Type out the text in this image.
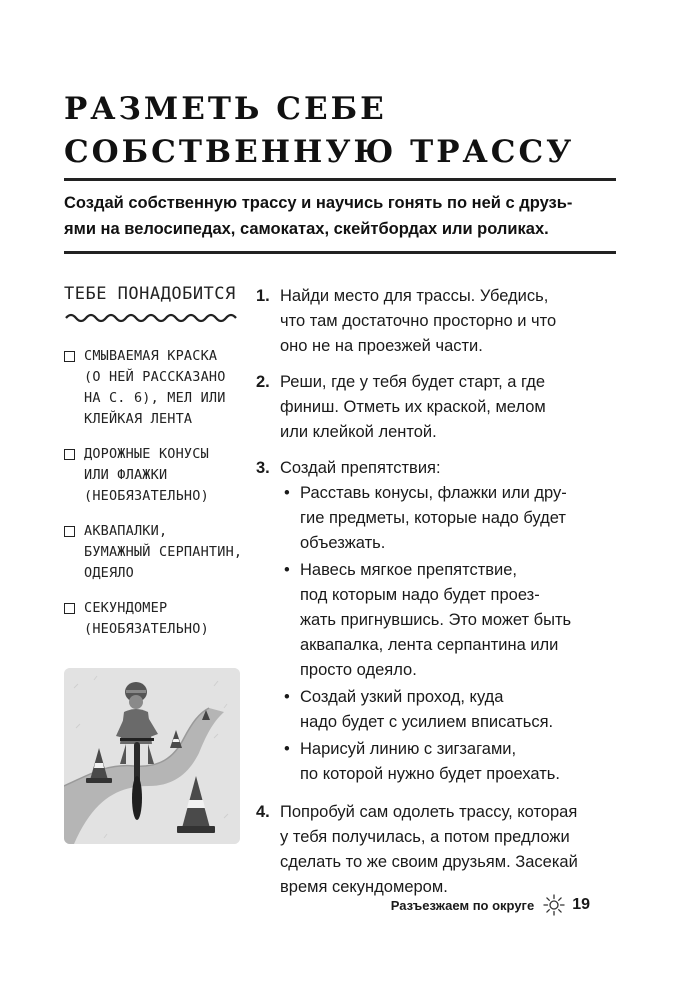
РАЗМЕТЬ СЕБЕ
СОБСТВЕННУЮ ТРАССУ
Создай собственную трассу и научись гонять по ней с друзь-
ями на велосипедах, самокатах, скейтбордах или роликах.
ТЕБЕ ПОНАДОБИТСЯ
СМЫВАЕМАЯ КРАСКА
(О НЕЙ РАССКАЗАНО
НА С. 6), МЕЛ ИЛИ
КЛЕЙКАЯ ЛЕНТА
ДОРОЖНЫЕ КОНУСЫ
ИЛИ ФЛАЖКИ
(НЕОБЯЗАТЕЛЬНО)
АКВАПАЛКИ,
БУМАЖНЫЙ СЕРПАНТИН,
ОДЕЯЛО
СЕКУНДОМЕР
(НЕОБЯЗАТЕЛЬНО)
1. Найди место для трассы. Убедись,
что там достаточно просторно и что
оно не на проезжей части.
2. Реши, где у тебя будет старт, а где
финиш. Отметь их краской, мелом
или клейкой лентой.
3. Создай препятствия:
• Расставь конусы, флажки или дру-
гие предметы, которые надо будет
объезжать.
• Навесь мягкое препятствие,
под которым надо будет проез-
жать пригнувшись. Это может быть
аквапалка, лента серпантина или
просто одеяло.
• Создай узкий проход, куда
надо будет с усилием вписаться.
• Нарисуй линию с зигзагами,
по которой нужно будет проехать.
4. Попробуй сам одолеть трассу, которая
у тебя получилась, а потом предложи
сделать то же своим друзьям. Засекай
время секундомером.
Разъезжаем по округе 19
